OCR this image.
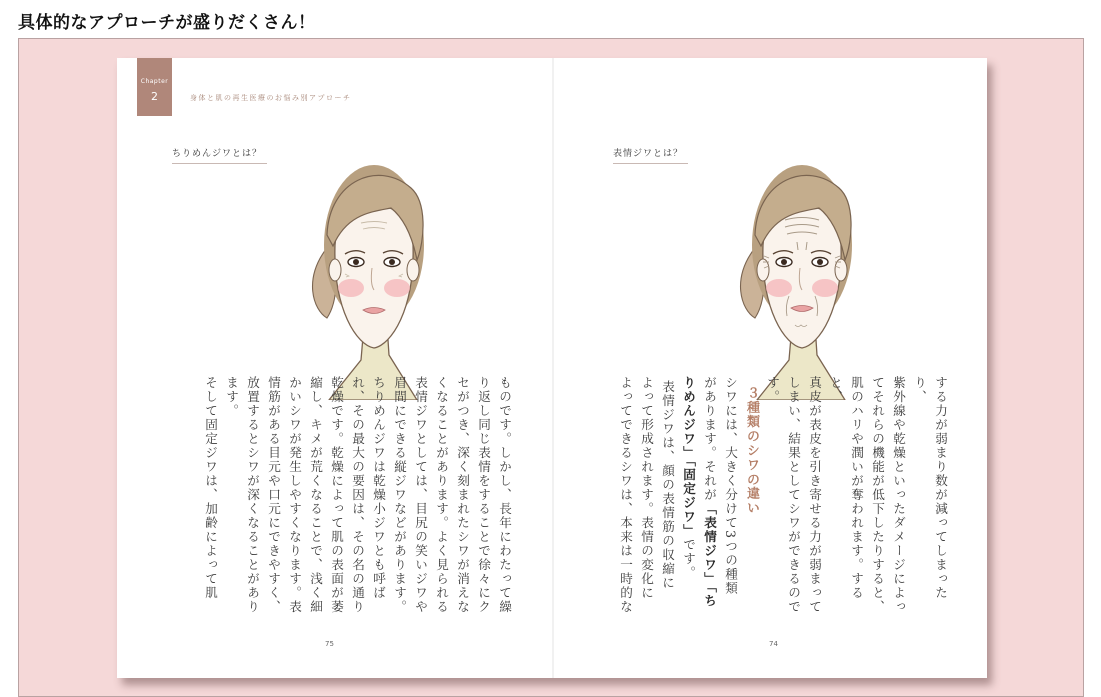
具体的なアプローチが盛りだくさん！
Chapter
2	身体と肌の再生医療のお悩み別アプローチ
ちりめんジワとは？

ものです。しかし、長年にわたって繰

り返し同じ表情をすることで徐々にク

セがつき、深く刻まれたシワが消えな

くなることがあります。よく見られる

表情ジワとしては、目尻の笑いジワや

眉間にできる縦ジワなどがあります。

ちりめんジワは乾燥小ジワとも呼ば

れ、その最大の要因は、その名の通り

乾燥です。乾燥によって肌の表面が萎

縮し、キメが荒くなることで、浅く細

かいシワが発生しやすくなります。表

情筋がある目元や口元にできやすく、

放置するとシワが深くなることがあり

ます。

そして固定ジワは、加齢によって肌

75
表情ジワとは？

する力が弱まり数が減ってしまったり、

紫外線や乾燥といったダメージによっ

てそれらの機能が低下したりすると、

肌のハリや潤いが奪われます。すると、

真皮が表皮を引き寄せる力が弱まって

しまい、結果としてシワができるので

す。

３種類のシワの違い

シワには、大きく分けて3つの種類

があります。それが「表情ジワ」「ち

りめんジワ」「固定ジワ」です。

表情ジワは、顔の表情筋の収縮に

よって形成されます。表情の変化に

よってできるシワは、本来は一時的な

74
